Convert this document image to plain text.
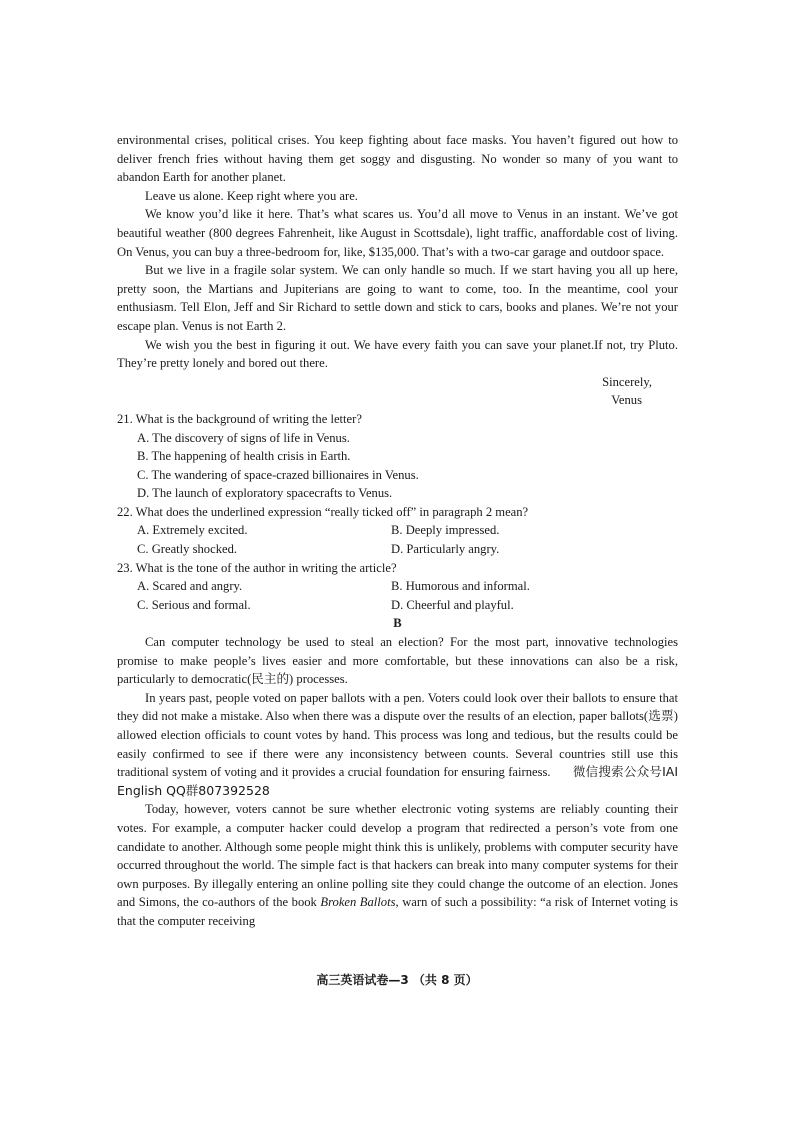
environmental crises, political crises. You keep fighting about face masks. You haven’t figured out how to deliver french fries without having them get soggy and disgusting. No wonder so many of you want to abandon Earth for another planet.

Leave us alone. Keep right where you are.

We know you’d like it here. That’s what scares us. You’d all move to Venus in an instant. We’ve got beautiful weather (800 degrees Fahrenheit, like August in Scottsdale), light traffic, anaffordable cost of living. On Venus, you can buy a three-bedroom for, like, $135,000. That’s with a two-car garage and outdoor space.

But we live in a fragile solar system. We can only handle so much. If we start having you all up here, pretty soon, the Martians and Jupiterians are going to want to come, too. In the meantime, cool your enthusiasm. Tell Elon, Jeff and Sir Richard to settle down and stick to cars, books and planes. We’re not your escape plan. Venus is not Earth 2.

We wish you the best in figuring it out. We have every faith you can save your planet.If not, try Pluto. They’re pretty lonely and bored out there.

Sincerely,

Venus

21. What is the background of writing the letter?

A. The discovery of signs of life in Venus.

B. The happening of health crisis in Earth.

C. The wandering of space-crazed billionaires in Venus.

D. The launch of exploratory spacecrafts to Venus.

22. What does the underlined expression “really ticked off” in paragraph 2 mean?

A. Extremely excited.	B. Deeply impressed.
C. Greatly shocked.	D. Particularly angry.

23. What is the tone of the author in writing the article?

A. Scared and angry.	B. Humorous and informal.
C. Serious and formal.	D. Cheerful and playful.

B

Can computer technology be used to steal an election? For the most part, innovative technologies promise to make people’s lives easier and more comfortable, but these innovations can also be a risk, particularly to democratic(民主的) processes.

In years past, people voted on paper ballots with a pen. Voters could look over their ballots to ensure that they did not make a mistake. Also when there was a dispute over the results of an election, paper ballots(选票) allowed election officials to count votes by hand. This process was long and tedious, but the results could be easily confirmed to see if there were any inconsistency between counts. Several countries still use this traditional system of voting and it provides a crucial foundation for ensuring fairness. 微信搜索公众号IAI English QQ群807392528

Today, however, voters cannot be sure whether electronic voting systems are reliably counting their votes. For example, a computer hacker could develop a program that redirected a person’s vote from one candidate to another. Although some people might think this is unlikely, problems with computer security have occurred throughout the world. The simple fact is that hackers can break into many computer systems for their own purposes. By illegally entering an online polling site they could change the outcome of an election. Jones and Simons, the co-authors of the book Broken Ballots, warn of such a possibility: “a risk of Internet voting is that the computer receiving

高三英语试卷—3 （共 8 页）
